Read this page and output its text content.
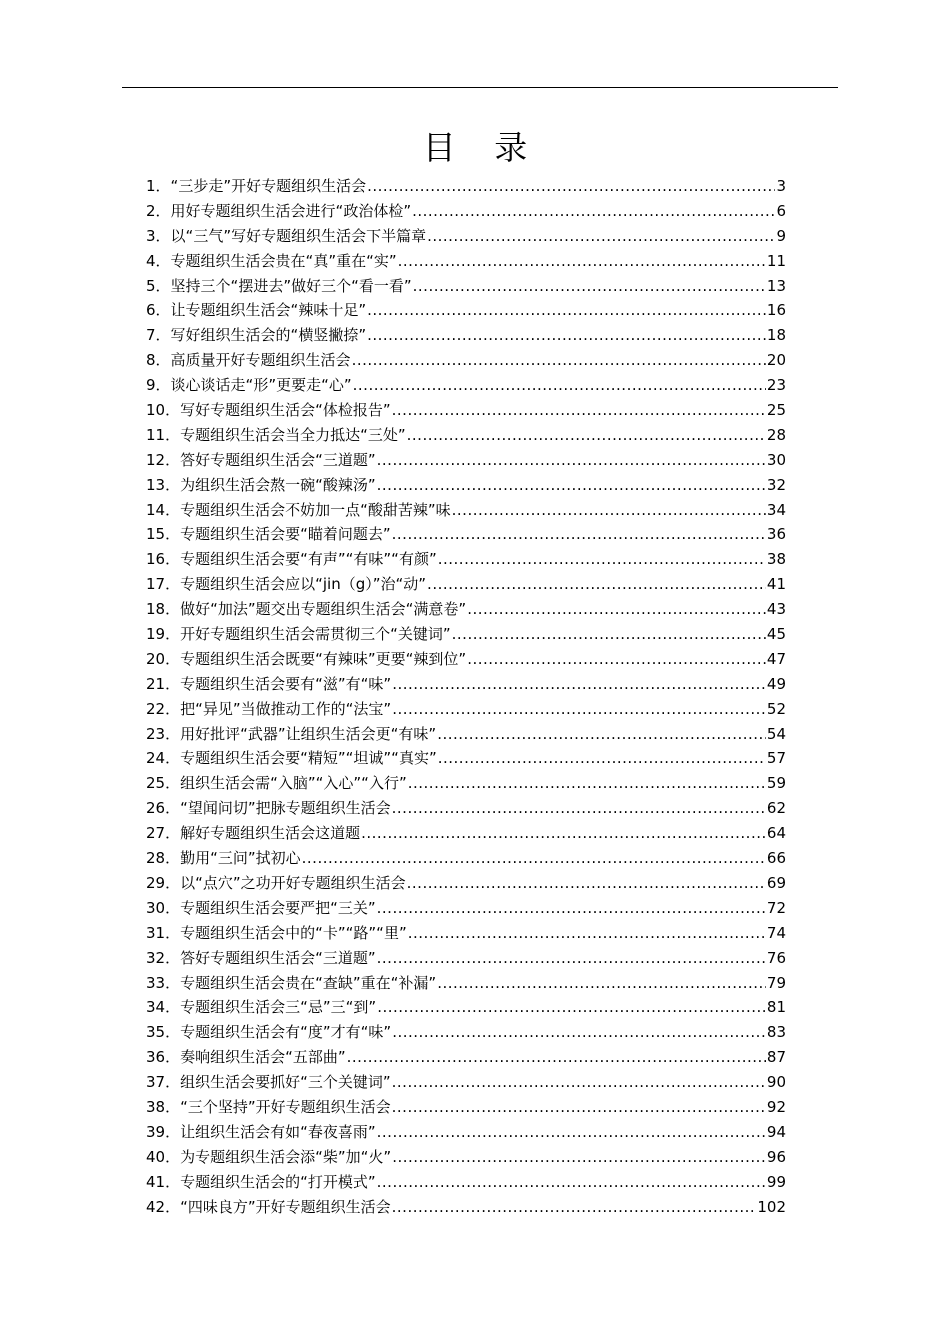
目 录
1． “三步走”开好专题组织生活会 .....	3
2． 用好专题组织生活会进行“政治体检” .....	6
3． 以“三气”写好专题组织生活会下半篇章 .....	9
4． 专题组织生活会贵在“真”重在“实” .....	11
5． 坚持三个“摆进去”做好三个“看一看” .....	13
6． 让专题组织生活会“辣味十足” .....	16
7． 写好组织生活会的“横竖撇捺” .....	18
8． 高质量开好专题组织生活会 .....	20
9． 谈心谈话走“形”更要走“心” .....	23
10． 写好专题组织生活会“体检报告” .....	25
11． 专题组织生活会当全力抵达“三处” .....	28
12． 答好专题组织生活会“三道题” .....	30
13． 为组织生活会熬一碗“酸辣汤” .....	32
14． 专题组织生活会不妨加一点“酸甜苦辣”味 .....	34
15． 专题组织生活会要“瞄着问题去” .....	36
16． 专题组织生活会要“有声”“有味”“有颜” .....	38
17． 专题组织生活会应以“jin（g）”治“动” .....	41
18． 做好“加法”题交出专题组织生活会“满意卷” .....	43
19． 开好专题组织生活会需贯彻三个“关键词” .....	45
20． 专题组织生活会既要“有辣味”更要“辣到位” .....	47
21． 专题组织生活会要有“滋”有“味” .....	49
22． 把“异见”当做推动工作的“法宝” .....	52
23． 用好批评“武器”让组织生活会更“有味” .....	54
24． 专题组织生活会要“精短”“坦诚”“真实” .....	57
25． 组织生活会需“入脑”“入心”“入行” .....	59
26． “望闻问切”把脉专题组织生活会 .....	62
27． 解好专题组织生活会这道题 .....	64
28． 勤用“三问”拭初心 .....	66
29． 以“点穴”之功开好专题组织生活会 .....	69
30． 专题组织生活会要严把“三关” .....	72
31． 专题组织生活会中的“卡”“路”“里” .....	74
32． 答好专题组织生活会“三道题” .....	76
33． 专题组织生活会贵在“查缺”重在“补漏” .....	79
34． 专题组织生活会三“忌”三“到” .....	81
35． 专题组织生活会有“度”才有“味” .....	83
36． 奏响组织生活会“五部曲” .....	87
37． 组织生活会要抓好“三个关键词” .....	90
38． “三个坚持”开好专题组织生活会 .....	92
39． 让组织生活会有如“春夜喜雨” .....	94
40． 为专题组织生活会添“柴”加“火” .....	96
41． 专题组织生活会的“打开模式” .....	99
42． “四味良方”开好专题组织生活会 .....	102
